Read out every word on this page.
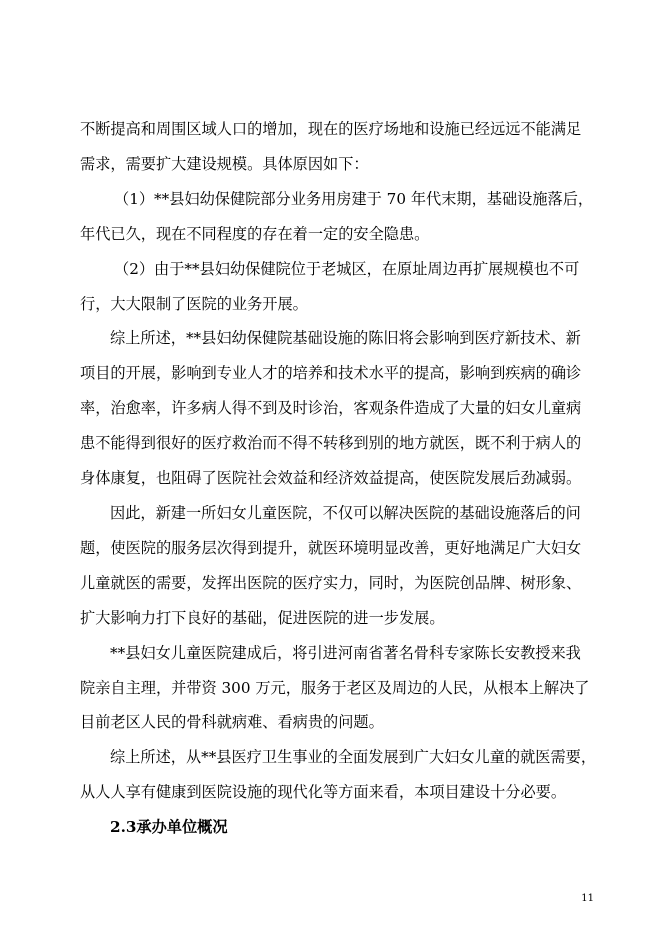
不断提高和周围区域人口的增加，现在的医疗场地和设施已经远远不能满足

需求，需要扩大建设规模。具体原因如下：

（1）**县妇幼保健院部分业务用房建于 70 年代末期，基础设施落后，

年代已久，现在不同程度的存在着一定的安全隐患。

（2）由于**县妇幼保健院位于老城区，在原址周边再扩展规模也不可

行，大大限制了医院的业务开展。

综上所述，**县妇幼保健院基础设施的陈旧将会影响到医疗新技术、新

项目的开展，影响到专业人才的培养和技术水平的提高，影响到疾病的确诊

率，治愈率，许多病人得不到及时诊治，客观条件造成了大量的妇女儿童病

患不能得到很好的医疗救治而不得不转移到别的地方就医，既不利于病人的

身体康复，也阻碍了医院社会效益和经济效益提高，使医院发展后劲减弱。

因此，新建一所妇女儿童医院，不仅可以解决医院的基础设施落后的问

题，使医院的服务层次得到提升，就医环境明显改善，更好地满足广大妇女

儿童就医的需要，发挥出医院的医疗实力，同时，为医院创品牌、树形象、

扩大影响力打下良好的基础，促进医院的进一步发展。

**县妇女儿童医院建成后，将引进河南省著名骨科专家陈长安教授来我

院亲自主理，并带资 300 万元，服务于老区及周边的人民，从根本上解决了

目前老区人民的骨科就病难、看病贵的问题。

综上所述，从**县医疗卫生事业的全面发展到广大妇女儿童的就医需要，

从人人享有健康到医院设施的现代化等方面来看，本项目建设十分必要。

2.3承办单位概况

11
